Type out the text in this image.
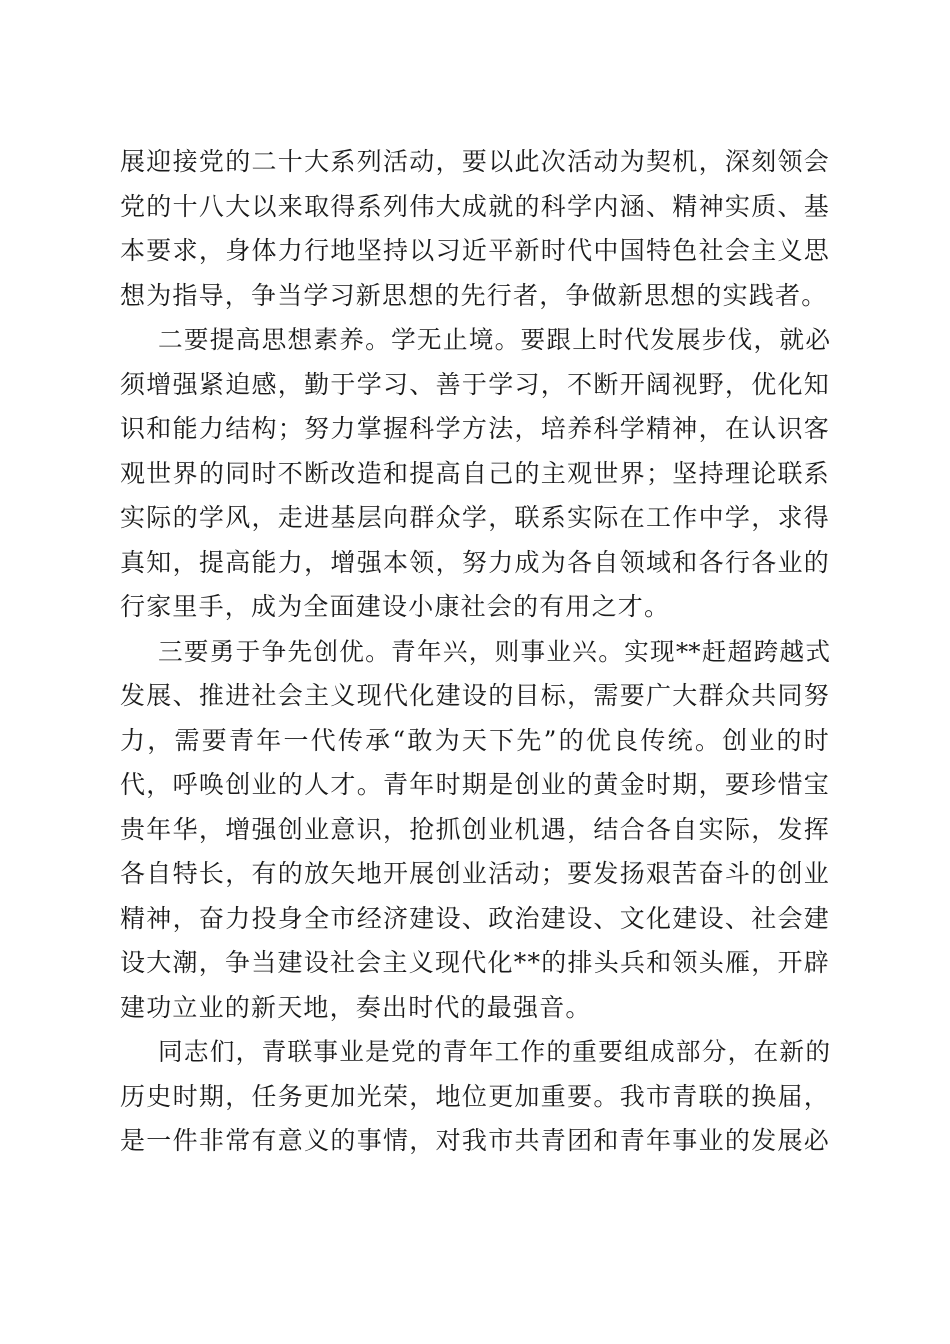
展迎接党的二十大系列活动，要以此次活动为契机，深刻领会
党的十八大以来取得系列伟大成就的科学内涵、精神实质、基
本要求，身体力行地坚持以习近平新时代中国特色社会主义思
想为指导，争当学习新思想的先行者，争做新思想的实践者。
二要提高思想素养。学无止境。要跟上时代发展步伐，就必
须增强紧迫感，勤于学习、善于学习，不断开阔视野，优化知
识和能力结构；努力掌握科学方法，培养科学精神，在认识客
观世界的同时不断改造和提高自己的主观世界；坚持理论联系
实际的学风，走进基层向群众学，联系实际在工作中学，求得
真知，提高能力，增强本领，努力成为各自领域和各行各业的
行家里手，成为全面建设小康社会的有用之才。
三要勇于争先创优。青年兴，则事业兴。实现**赶超跨越式
发展、推进社会主义现代化建设的目标，需要广大群众共同努
力，需要青年一代传承“敢为天下先”的优良传统。创业的时
代，呼唤创业的人才。青年时期是创业的黄金时期，要珍惜宝
贵年华，增强创业意识，抢抓创业机遇，结合各自实际，发挥
各自特长，有的放矢地开展创业活动；要发扬艰苦奋斗的创业
精神，奋力投身全市经济建设、政治建设、文化建设、社会建
设大潮，争当建设社会主义现代化**的排头兵和领头雁，开辟
建功立业的新天地，奏出时代的最强音。
同志们，青联事业是党的青年工作的重要组成部分，在新的
历史时期，任务更加光荣，地位更加重要。我市青联的换届，
是一件非常有意义的事情，对我市共青团和青年事业的发展必
